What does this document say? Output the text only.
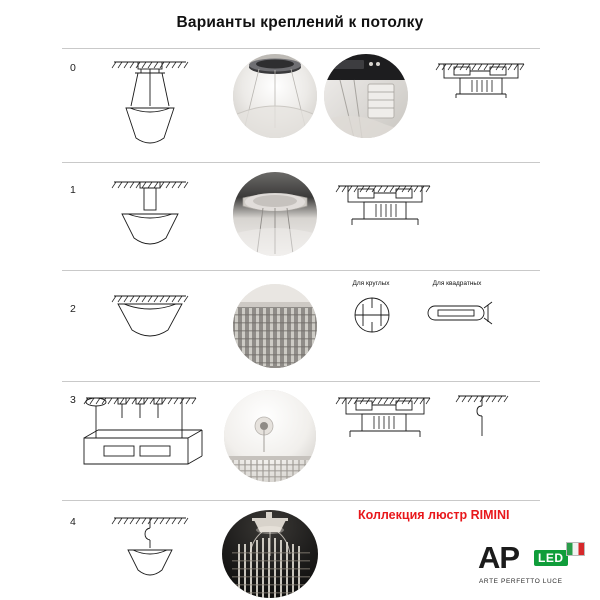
Варианты креплений к потолку
0
1
2
3
4
Для круглых	Для квадратных
Коллекция люстр RIMINI
AP	LED
ARTE PERFETTO LUCE
